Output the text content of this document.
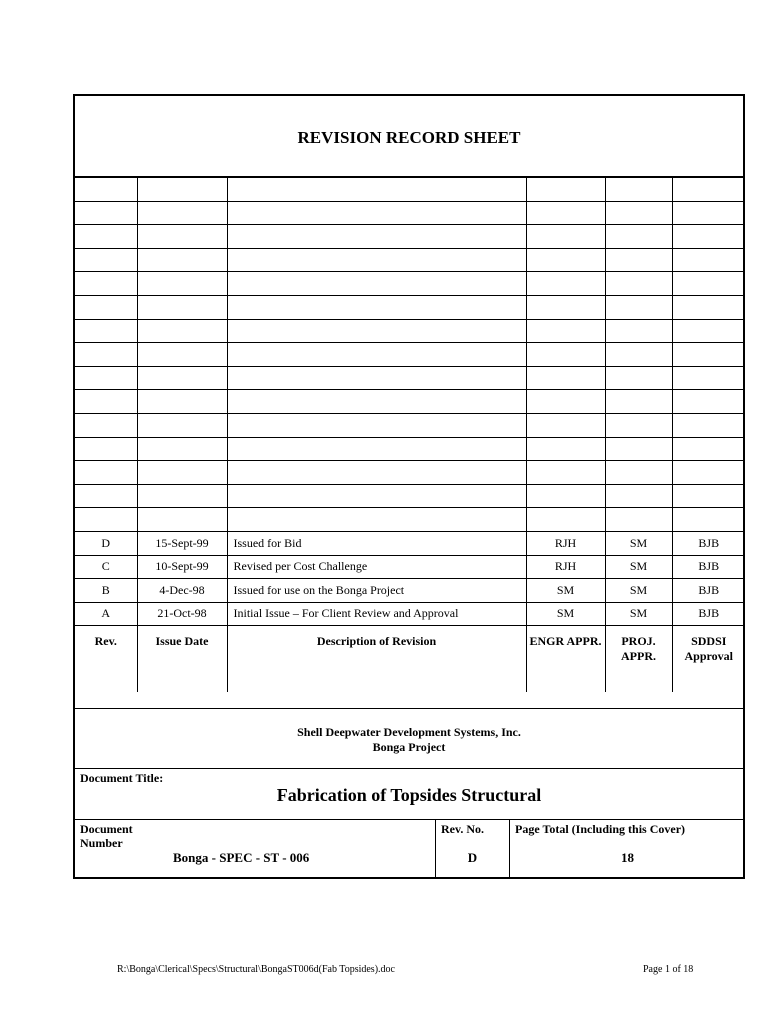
REVISION RECORD SHEET

D	15-Sept-99	Issued for Bid	RJH	SM	BJB
C	10-Sept-99	Revised per Cost Challenge	RJH	SM	BJB
B	4-Dec-98	Issued for use on the Bonga Project	SM	SM	BJB
A	21-Oct-98	Initial Issue – For Client Review and Approval	SM	SM	BJB
Rev.	Issue Date	Description of Revision	ENGR APPR.	PROJ. APPR.	SDDSI Approval
Shell Deepwater Development Systems, Inc.
Bonga Project
Document Title:
Fabrication of Topsides Structural
Document Number
Bonga - SPEC - ST - 006
Rev. No.
D
Page Total (Including this Cover)
18
R:\Bonga\Clerical\Specs\Structural\BongaST006d(Fab Topsides).doc	Page 1 of 18
